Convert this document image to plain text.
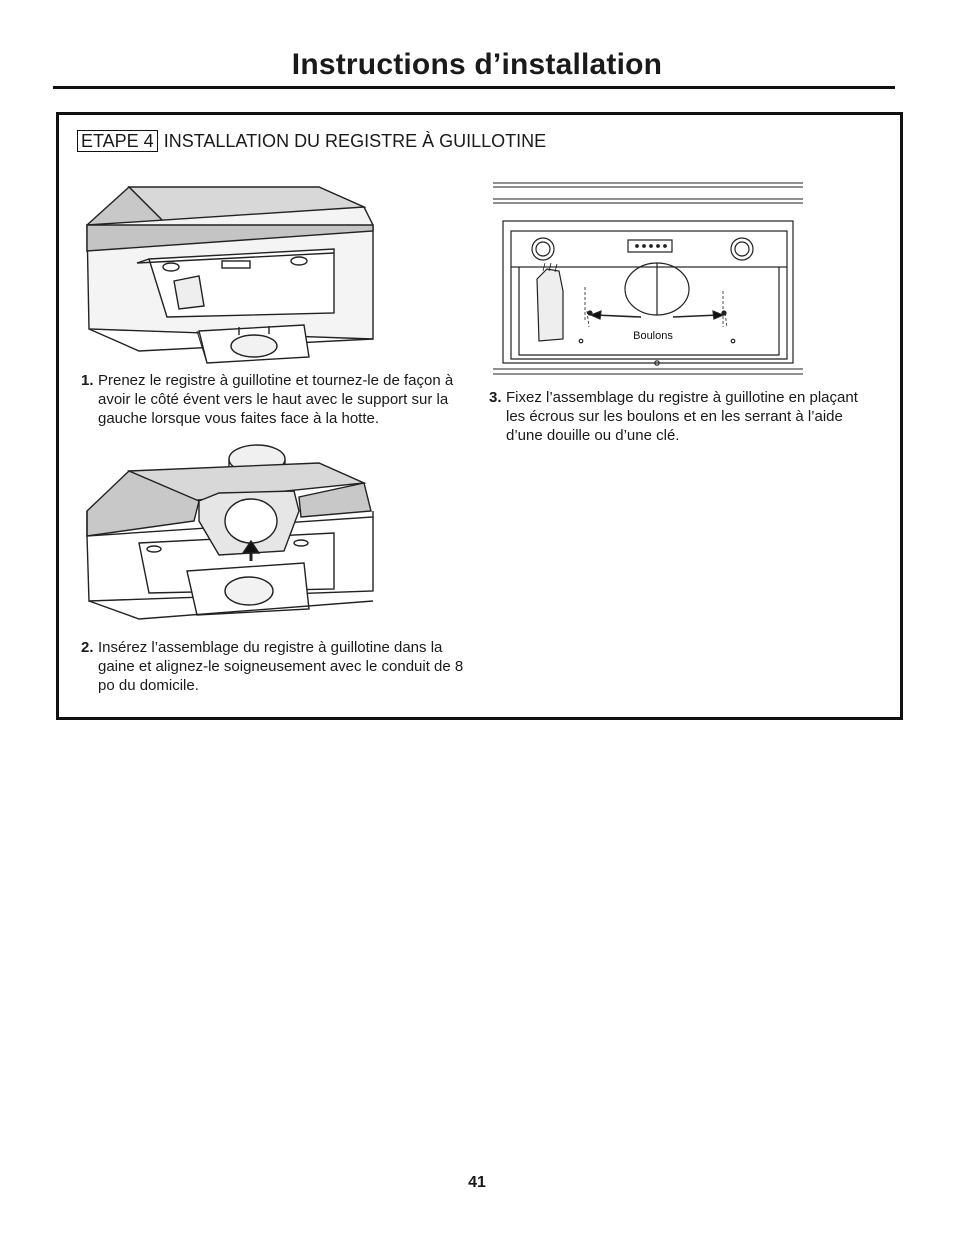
Instructions d’installation
ETAPE 4 INSTALLATION DU REGISTRE À GUILLOTINE
1. Prenez le registre à guillotine et tournez-le de façon à avoir le côté évent vers le haut avec le support sur la gauche lorsque vous faites face à la hotte.
2. Insérez l’assemblage du registre à guillotine dans la gaine et alignez-le soigneusement avec le conduit de 8 po du domicile.
Boulons
3. Fixez l’assemblage du registre à guillotine en plaçant les écrous sur les boulons et en les serrant à l’aide d’une douille ou d’une clé.
41
